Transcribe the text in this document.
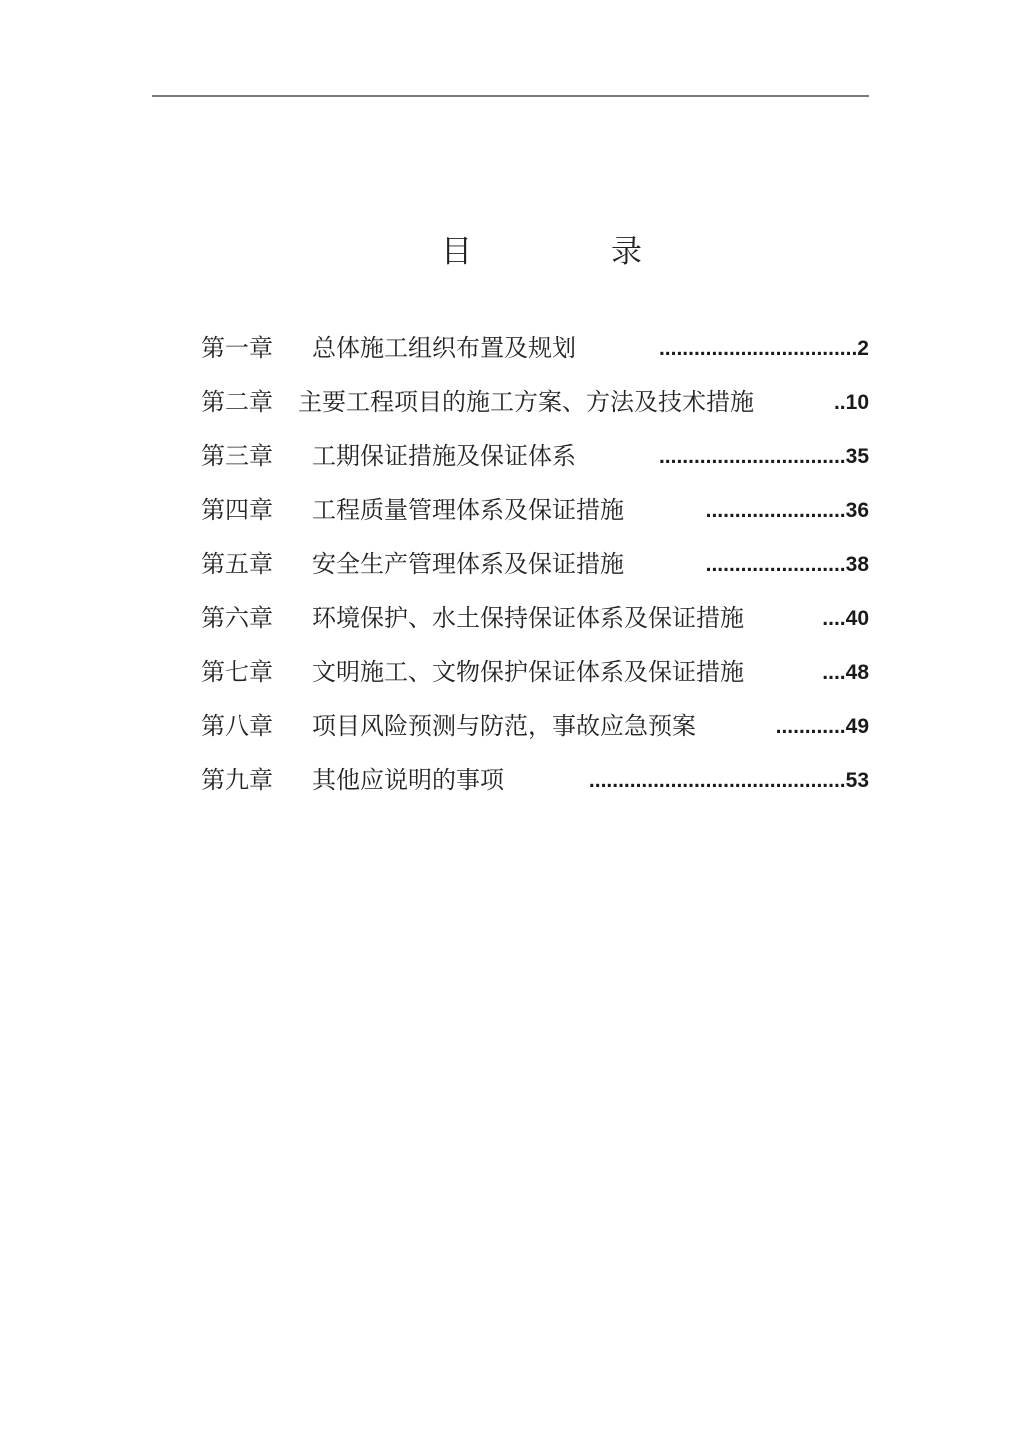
目	录
第一章 总体施工组织布置及规划	..................................2
第二章 主要工程项目的施工方案、方法及技术措施	..10
第三章 工期保证措施及保证体系	................................35
第四章 工程质量管理体系及保证措施	........................36
第五章 安全生产管理体系及保证措施	........................38
第六章 环境保护、水土保持保证体系及保证措施	....40
第七章 文明施工、文物保护保证体系及保证措施	....48
第八章 项目风险预测与防范，事故应急预案	............49
第九章 其他应说明的事项	............................................53
